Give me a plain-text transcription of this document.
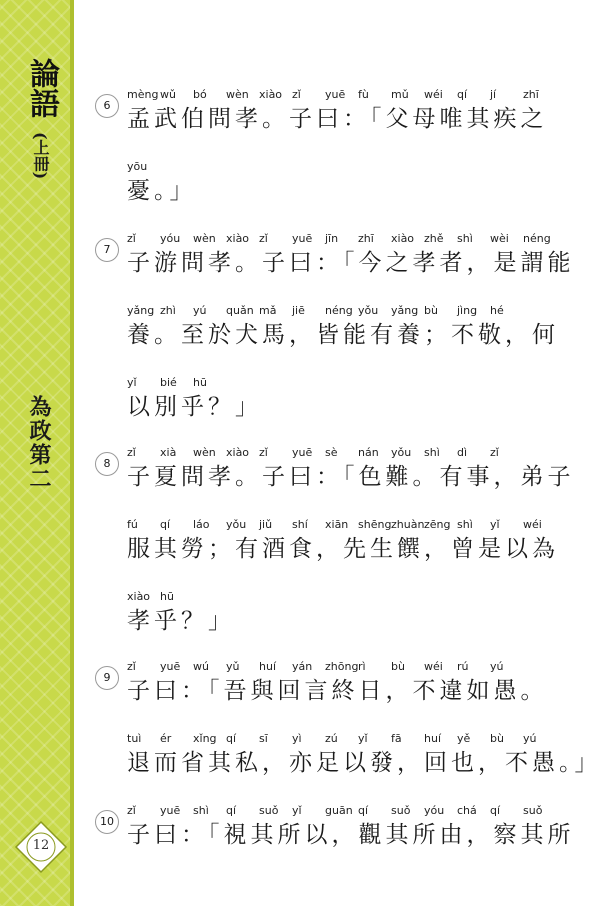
論語
(上冊)
為政第二
12
6
mèng wǔ bó wèn xiào zǐ yuē fù mǔ wéi qí jí zhī
孟武伯問孝。子曰：「父母唯其疾之
yōu
憂。」
7
zǐ yóu wèn xiào zǐ yuē jīn zhī xiào zhě shì wèi néng
子游問孝。子曰：「今之孝者，是謂能
yǎng zhì yú quǎn mǎ jiē néng yǒu yǎng bù jìng hé
養。至於犬馬，皆能有養；不敬，何
yǐ bié hū
以別乎？」
8
zǐ xià wèn xiào zǐ yuē sè nán yǒu shì dì zǐ
子夏問孝。子曰：「色難。有事，弟子
fú qí láo yǒu jiǔ shí xiān shēng zhuàn zēng shì yǐ wéi
服其勞；有酒食，先生饌，曾是以為
xiào hū
孝乎？」
9
zǐ yuē wú yǔ huí yán zhōng rì bù wéi rú yú
子曰：「吾與回言終日，不違如愚。
tuì ér xǐng qí sī yì zú yǐ fā huí yě bù yú
退而省其私，亦足以發，回也，不愚。」
10
zǐ yuē shì qí suǒ yǐ guān qí suǒ yóu chá qí suǒ
子曰：「視其所以，觀其所由，察其所
